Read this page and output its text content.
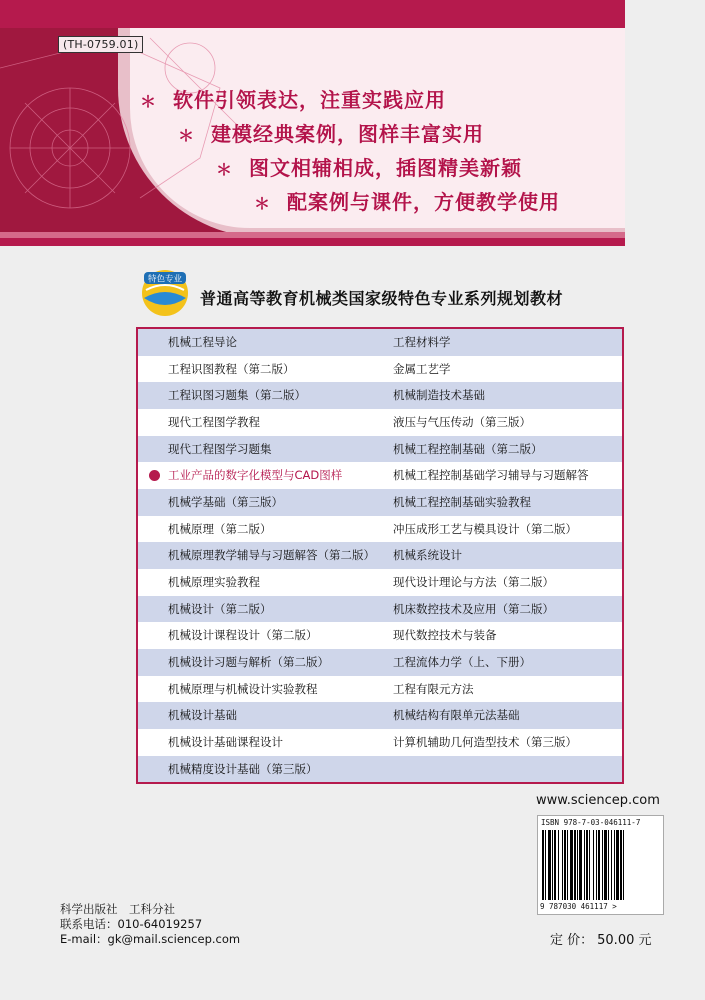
(TH-0759.01)
＊ 软件引领表达，注重实践应用
＊ 建模经典案例，图样丰富实用
＊ 图文相辅相成，插图精美新颖
＊ 配案例与课件，方便教学使用
特色专业
普通高等教育机械类国家级特色专业系列规划教材
机械工程导论	工程材料学
工程识图教程（第二版）	金属工艺学
工程识图习题集（第二版）	机械制造技术基础
现代工程图学教程	液压与气压传动（第三版）
现代工程图学习题集	机械工程控制基础（第二版）
工业产品的数字化模型与CAD图样	机械工程控制基础学习辅导与习题解答
机械学基础（第三版）	机械工程控制基础实验教程
机械原理（第二版）	冲压成形工艺与模具设计（第二版）
机械原理教学辅导与习题解答（第二版） 机械系统设计
机械原理实验教程	现代设计理论与方法（第二版）
机械设计（第二版）	机床数控技术及应用（第二版）
机械设计课程设计（第二版）	现代数控技术与装备
机械设计习题与解析（第二版）	工程流体力学（上、下册）
机械原理与机械设计实验教程	工程有限元方法
机械设计基础	机械结构有限单元法基础
机械设计基础课程设计	计算机辅助几何造型技术（第三版）
机械精度设计基础（第三版）
www.sciencep.com
ISBN 978-7-03-046111-7
9 787030 461117 >
科学出版社　工科分社
联系电话：010-64019257
E-mail：gk@mail.sciencep.com	定 价： 50.00 元
